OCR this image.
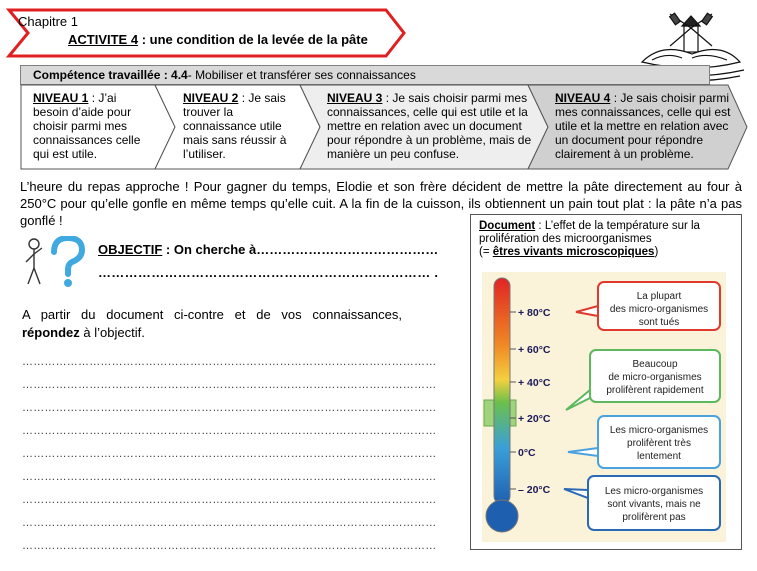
Chapitre 1
ACTIVITE 4 : une condition de la levée de la pâte
Compétence travaillée : 4.4- Mobiliser et transférer ses connaissances
NIVEAU 1 : J’ai besoin d’aide pour choisir parmi mes connaissances celle qui est utile.
NIVEAU 2 : Je sais trouver la connaissance utile mais sans réussir à l’utiliser.
NIVEAU 3 : Je sais choisir parmi mes connaissances, celle qui est utile et la mettre en relation avec un document pour répondre à un problème, mais de manière un peu confuse.
NIVEAU 4 : Je sais choisir parmi mes connaissances, celle qui est utile et la mettre en relation avec un document pour répondre clairement à un problème.
L’heure du repas approche ! Pour gagner du temps, Elodie et son frère décident de mettre la pâte directement au four à 250°C pour qu’elle gonfle en même temps qu’elle cuit. A la fin de la cuisson, ils obtiennent un pain tout plat : la pâte n’a pas gonflé !
OBJECTIF : On cherche à……………………………………
………………………………………………………………… .
A partir du document ci-contre et de vos connaissances, répondez à l’objectif.
…………………………………………………………………………………………………
…………………………………………………………………………………………………
…………………………………………………………………………………………………
…………………………………………………………………………………………………
…………………………………………………………………………………………………
…………………………………………………………………………………………………
…………………………………………………………………………………………………
…………………………………………………………………………………………………
…………………………………………………………………………………………………
Document : L’effet de la température sur la prolifération des microorganismes
(= êtres vivants microscopiques)
+ 80°C
+ 60°C
+ 40°C
+ 20°C
0°C
– 20°C
La plupart
des micro-organismes
sont tués
Beaucoup
de micro-organismes
prolifèrent rapidement
Les micro-organismes
prolifèrent très
lentement
Les micro-organismes
sont vivants, mais ne
prolifèrent pas
